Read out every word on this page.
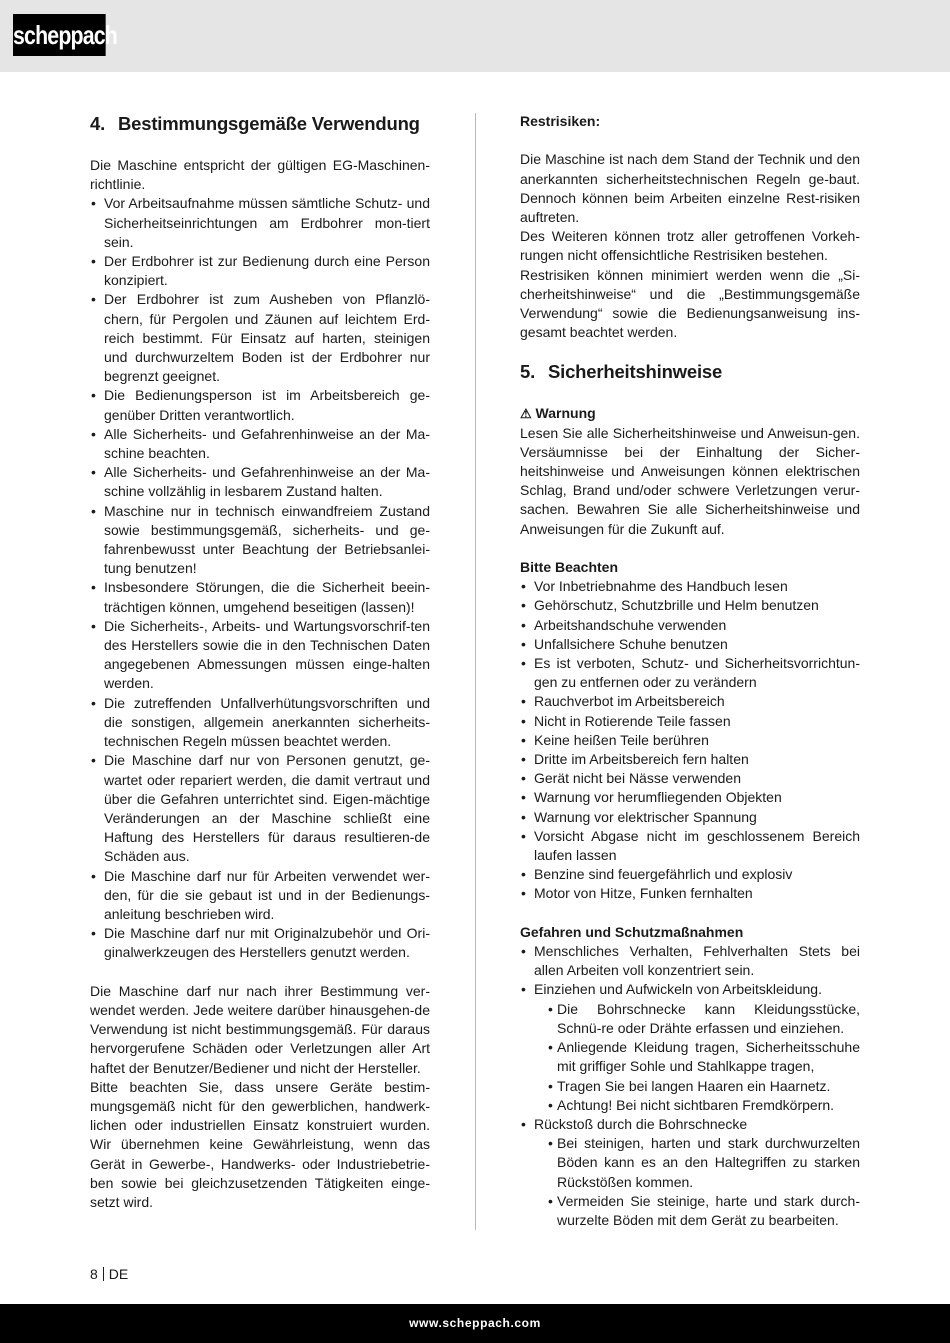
scheppach
4. Bestimmungsgemäße Verwendung

Die Maschine entspricht der gültigen EG-Maschinen-richtlinie.

• Vor Arbeitsaufnahme müssen sämtliche Schutz- und Sicherheitseinrichtungen am Erdbohrer mon-tiert sein.
• Der Erdbohrer ist zur Bedienung durch eine Person konzipiert.
• Der Erdbohrer ist zum Ausheben von Pflanzlö-chern, für Pergolen und Zäunen auf leichtem Erd-reich bestimmt. Für Einsatz auf harten, steinigen und durchwurzeltem Boden ist der Erdbohrer nur begrenzt geeignet.
• Die Bedienungsperson ist im Arbeitsbereich ge-genüber Dritten verantwortlich.
• Alle Sicherheits- und Gefahrenhinweise an der Ma-schine beachten.
• Alle Sicherheits- und Gefahrenhinweise an der Ma-schine vollzählig in lesbarem Zustand halten.
• Maschine nur in technisch einwandfreiem Zustand sowie bestimmungsgemäß, sicherheits- und ge-fahrenbewusst unter Beachtung der Betriebsanlei-tung benutzen!
• Insbesondere Störungen, die die Sicherheit beein-trächtigen können, umgehend beseitigen (lassen)!
• Die Sicherheits-, Arbeits- und Wartungsvorschrif-ten des Herstellers sowie die in den Technischen Daten angegebenen Abmessungen müssen einge-halten werden.
• Die zutreffenden Unfallverhütungsvorschriften und die sonstigen, allgemein anerkannten sicherheits-technischen Regeln müssen beachtet werden.
• Die Maschine darf nur von Personen genutzt, ge-wartet oder repariert werden, die damit vertraut und über die Gefahren unterrichtet sind. Eigen-mächtige Veränderungen an der Maschine schließt eine Haftung des Herstellers für daraus resultieren-de Schäden aus.
• Die Maschine darf nur für Arbeiten verwendet wer-den, für die sie gebaut ist und in der Bedienungs-anleitung beschrieben wird.
• Die Maschine darf nur mit Originalzubehör und Ori-ginalwerkzeugen des Herstellers genutzt werden.

Die Maschine darf nur nach ihrer Bestimmung ver-wendet werden. Jede weitere darüber hinausgehen-de Verwendung ist nicht bestimmungsgemäß. Für daraus hervorgerufene Schäden oder Verletzungen aller Art haftet der Benutzer/Bediener und nicht der Hersteller.

Bitte beachten Sie, dass unsere Geräte bestim-mungsgemäß nicht für den gewerblichen, handwerk-lichen oder industriellen Einsatz konstruiert wurden. Wir übernehmen keine Gewährleistung, wenn das Gerät in Gewerbe-, Handwerks- oder Industriebetrie-ben sowie bei gleichzusetzenden Tätigkeiten einge-setzt wird.

Restrisiken:

Die Maschine ist nach dem Stand der Technik und den anerkannten sicherheitstechnischen Regeln ge-baut. Dennoch können beim Arbeiten einzelne Rest-risiken auftreten.

Des Weiteren können trotz aller getroffenen Vorkeh-rungen nicht offensichtliche Restrisiken bestehen.

Restrisiken können minimiert werden wenn die „Si-cherheitshinweise“ und die „Bestimmungsgemäße Verwendung“ sowie die Bedienungsanweisung ins-gesamt beachtet werden.

5. Sicherheitshinweise
⚠ Warnung

Lesen Sie alle Sicherheitshinweise und Anweisun-gen. Versäumnisse bei der Einhaltung der Sicher-heitshinweise und Anweisungen können elektrischen Schlag, Brand und/oder schwere Verletzungen verur-sachen. Bewahren Sie alle Sicherheitshinweise und Anweisungen für die Zukunft auf.

Bitte Beachten
• Vor Inbetriebnahme des Handbuch lesen
• Gehörschutz, Schutzbrille und Helm benutzen
• Arbeitshandschuhe verwenden
• Unfallsichere Schuhe benutzen
• Es ist verboten, Schutz- und Sicherheitsvorrichtun-gen zu entfernen oder zu verändern
• Rauchverbot im Arbeitsbereich
• Nicht in Rotierende Teile fassen
• Keine heißen Teile berühren
• Dritte im Arbeitsbereich fern halten
• Gerät nicht bei Nässe verwenden
• Warnung vor herumfliegenden Objekten
• Warnung vor elektrischer Spannung
• Vorsicht Abgase nicht im geschlossenem Bereich laufen lassen
• Benzine sind feuergefährlich und explosiv
• Motor von Hitze, Funken fernhalten
Gefahren und Schutzmaßnahmen
• Menschliches Verhalten, Fehlverhalten Stets bei allen Arbeiten voll konzentriert sein.
• Einziehen und Aufwickeln von Arbeitskleidung.
• Die Bohrschnecke kann Kleidungsstücke, Schnü-re oder Drähte erfassen und einziehen.
• Anliegende Kleidung tragen, Sicherheitsschuhe mit griffiger Sohle und Stahlkappe tragen,
• Tragen Sie bei langen Haaren ein Haarnetz.
• Achtung! Bei nicht sichtbaren Fremdkörpern.
• Rückstoß durch die Bohrschnecke
• Bei steinigen, harten und stark durchwurzelten Böden kann es an den Haltegriffen zu starken Rückstößen kommen.
• Vermeiden Sie steinige, harte und stark durch-wurzelte Böden mit dem Gerät zu bearbeiten.
8 DE
www.scheppach.com
